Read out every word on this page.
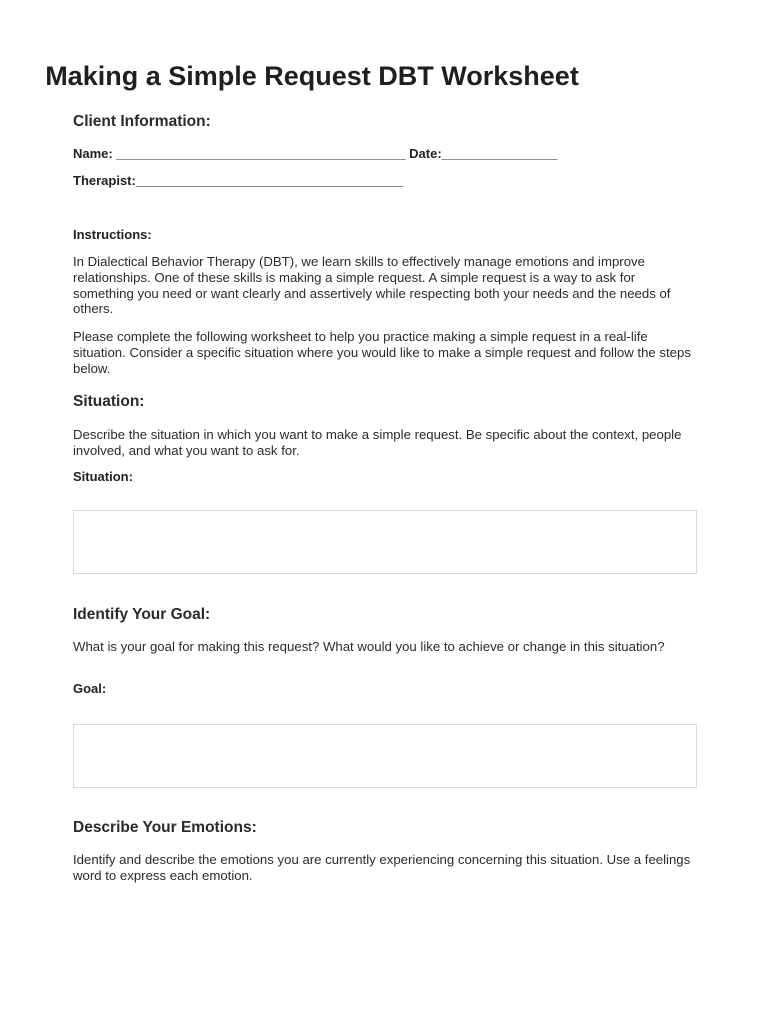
Making a Simple Request DBT Worksheet
Client Information:
Name: ________________________________________ Date:________________
Therapist:_____________________________________
Instructions:

In Dialectical Behavior Therapy (DBT), we learn skills to effectively manage emotions and improve relationships. One of these skills is making a simple request. A simple request is a way to ask for something you need or want clearly and assertively while respecting both your needs and the needs of others.

Please complete the following worksheet to help you practice making a simple request in a real-life situation. Consider a specific situation where you would like to make a simple request and follow the steps below.

Situation:

Describe the situation in which you want to make a simple request. Be specific about the context, people involved, and what you want to ask for.

Situation:
Identify Your Goal:

What is your goal for making this request? What would you like to achieve or change in this situation?

Goal:
Describe Your Emotions:

Identify and describe the emotions you are currently experiencing concerning this situation. Use a feelings word to express each emotion.
